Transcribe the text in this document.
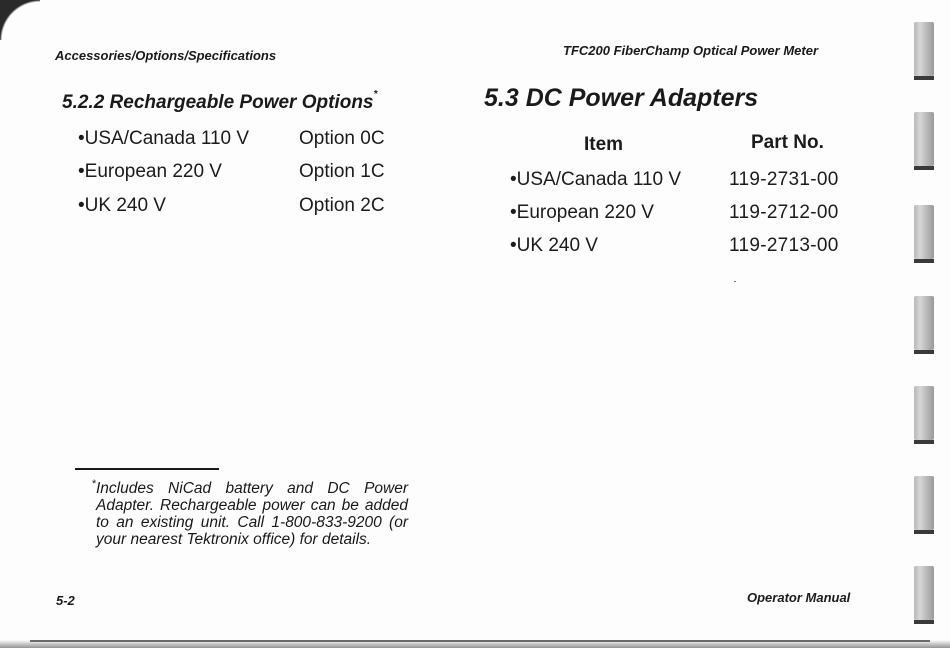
Accessories/Options/Specifications	TFC200 FiberChamp Optical Power Meter
5.2.2 Rechargeable Power Options*
•USA/Canada 110 V	Option 0C
•European 220 V	Option 1C
•UK 240 V	Option 2C
5.3 DC Power Adapters
Item	Part No.
•USA/Canada 110 V	119-2731-00
•European 220 V	119-2712-00
•UK 240 V	119-2713-00
* Includes NiCad battery and DC Power Adapter. Rechargeable power can be added to an existing unit. Call 1-800-833-9200 (or your nearest Tektronix office) for details.
5-2	Operator Manual
